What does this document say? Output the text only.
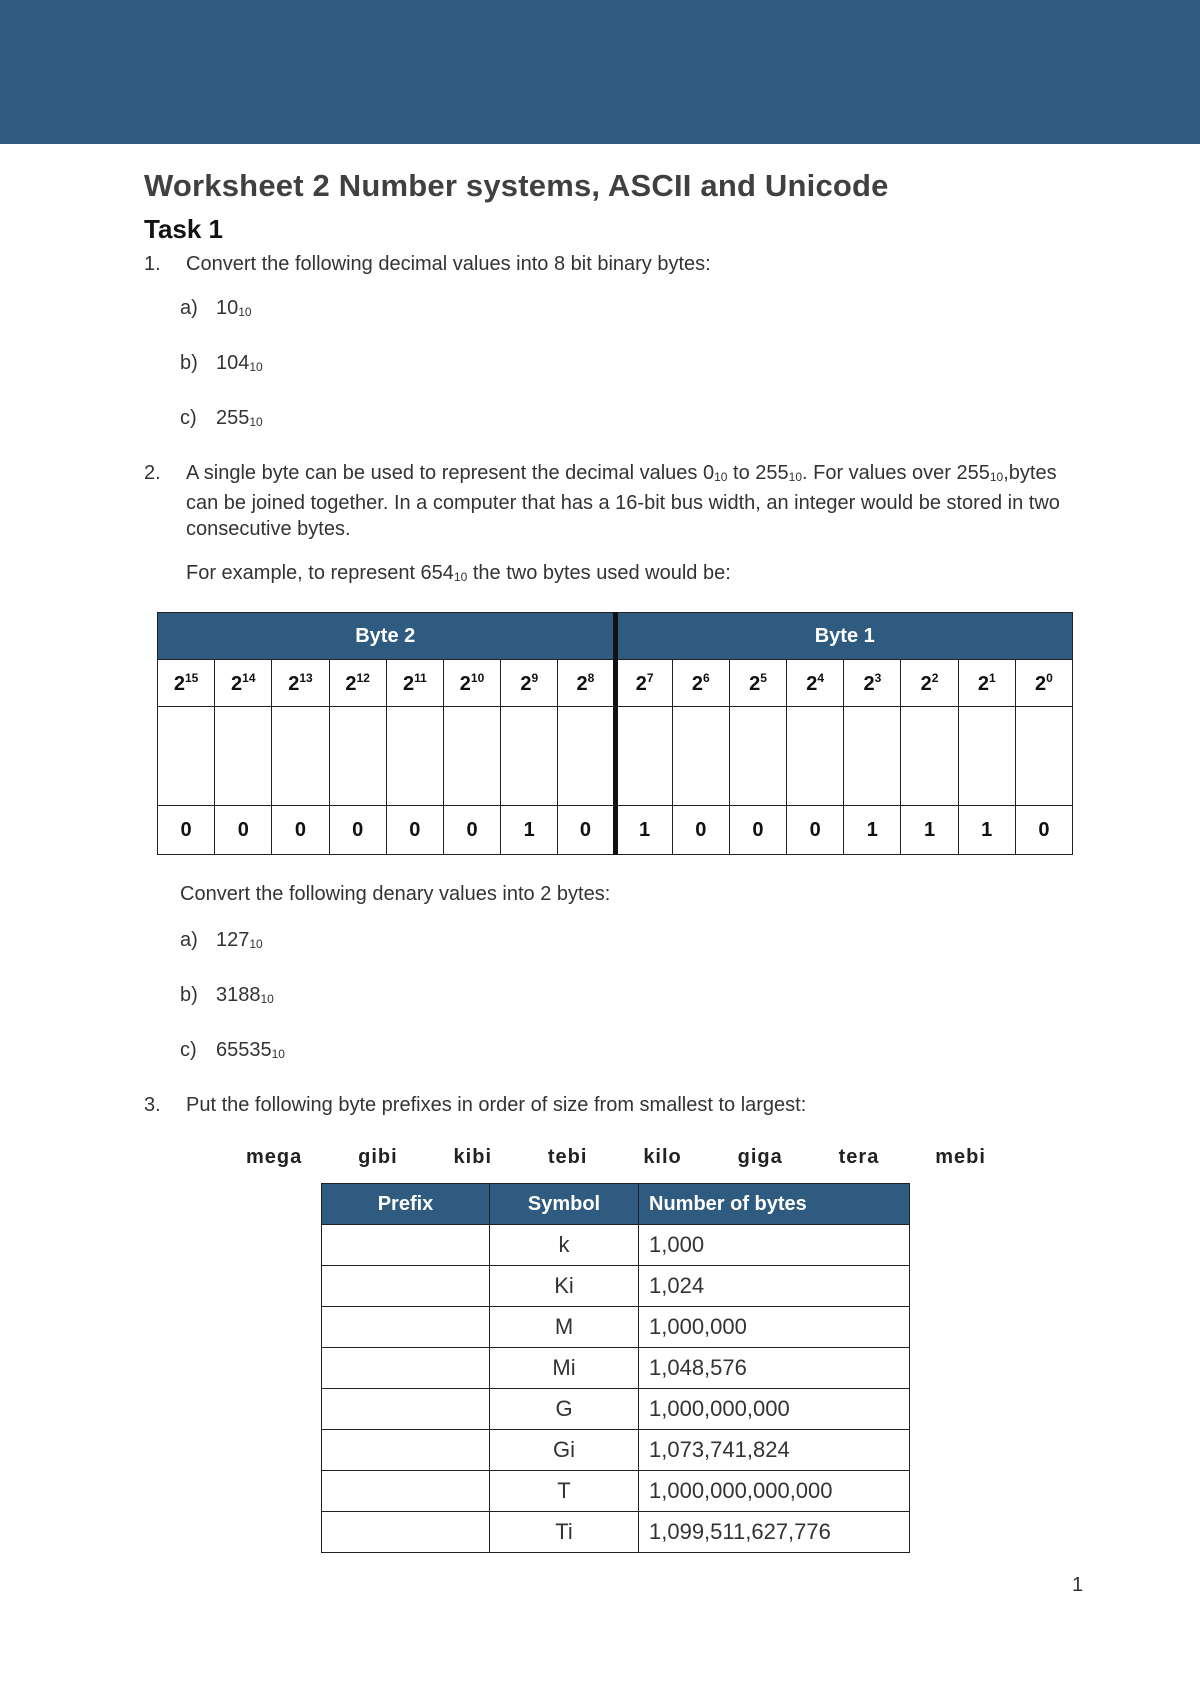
Worksheet 2 Number systems, ASCII and Unicode
Task 1
1. Convert the following decimal values into 8 bit binary bytes:
a) $10_{10}$
b) $104_{10}$
c) $255_{10}$
2. A single byte can be used to represent the decimal values $0_{10}$ to $255_{10}$. For values over $255_{10},bytes$ can be joined together. In a computer that has a 16-bit bus width, an integer would be stored in two consecutive bytes.
For example, to represent $654_{10}$ the two bytes used would be:
Byte 2								Byte 1							
$2^{15}$	$2^{14}$	$2^{13}$	$2^{12}$	$2^{11}$	$2^{10}$	$2^9$	$2^8$	$2^7$	$2^6$	$2^5$	$2^4$	$2^3$	$2^2$	$2^1$	$2^0$

0	0	0	0	0	0	1	0	1	0	0	0	1	1	1	0
Convert the following denary values into 2 bytes:
a) $127_{10}$
b) $3188_{10}$
c) $65535_{10}$
3. Put the following byte prefixes in order of size from smallest to largest:
mega	gibi	kibi	tebi	kilo	giga	tera	mebi
Prefix	Symbol	Number of bytes
	k	1,000
	Ki	1,024
	M	1,000,000
	Mi	1,048,576
	G	1,000,000,000
	Gi	1,073,741,824
	T	1,000,000,000,000
	Ti	1,099,511,627,776
1
